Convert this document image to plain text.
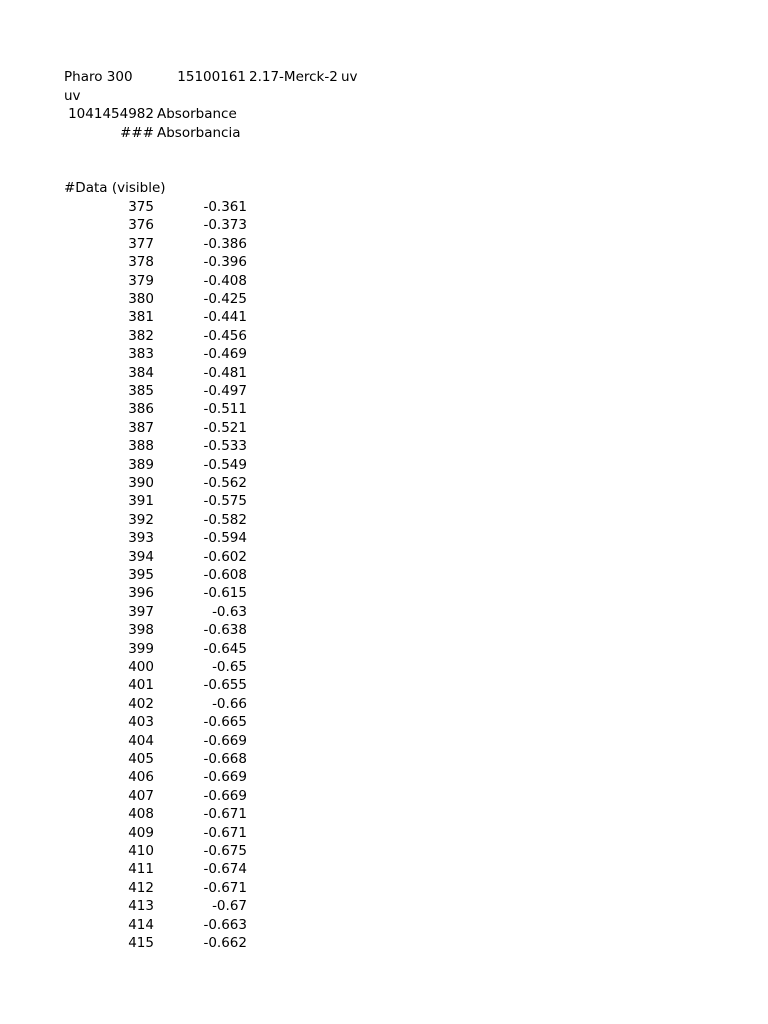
Pharo 300	15100161 2.17-Merck-2 uv
uv
1041454982 Absorbance
### Absorbancia
#Data (visible)
375	-0.361
376	-0.373
377	-0.386
378	-0.396
379	-0.408
380	-0.425
381	-0.441
382	-0.456
383	-0.469
384	-0.481
385	-0.497
386	-0.511
387	-0.521
388	-0.533
389	-0.549
390	-0.562
391	-0.575
392	-0.582
393	-0.594
394	-0.602
395	-0.608
396	-0.615
397	-0.63
398	-0.638
399	-0.645
400	-0.65
401	-0.655
402	-0.66
403	-0.665
404	-0.669
405	-0.668
406	-0.669
407	-0.669
408	-0.671
409	-0.671
410	-0.675
411	-0.674
412	-0.671
413	-0.67
414	-0.663
415	-0.662
